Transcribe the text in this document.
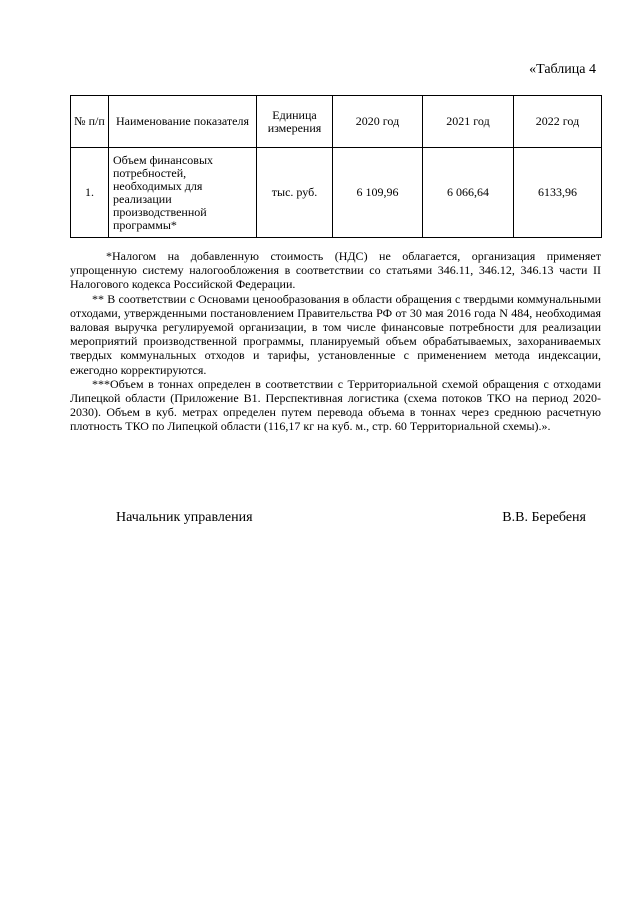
«Таблица 4
№ п/п	Наименование показателя	Единица измерения	2020 год	2021 год	2022 год
1.	Объем финансовых потребностей, необходимых для реализации производственной программы*	тыс. руб.	6 109,96	6 066,64	6133,96

*Налогом на добавленную стоимость (НДС) не облагается, организация применяет упрощенную систему налогообложения в соответствии со статьями 346.11, 346.12, 346.13 части II Налогового кодекса Российской Федерации.

** В соответствии с Основами ценообразования в области обращения с твердыми коммунальными отходами, утвержденными постановлением Правительства РФ от 30 мая 2016 года N 484, необходимая валовая выручка регулируемой организации, в том числе финансовые потребности для реализации мероприятий производственной программы, планируемый объем обрабатываемых, захораниваемых твердых коммунальных отходов и тарифы, установленные с применением метода индексации, ежегодно корректируются.

***Объем в тоннах определен в соответствии с Территориальной схемой обращения с отходами Липецкой области (Приложение В1. Перспективная логистика (схема потоков ТКО на период 2020-2030). Объем в куб. метрах определен путем перевода объема в тоннах через среднюю расчетную плотность ТКО по Липецкой области (116,17 кг на куб. м., стр. 60 Территориальной схемы).».

Начальник управления	В.В. Беребеня
